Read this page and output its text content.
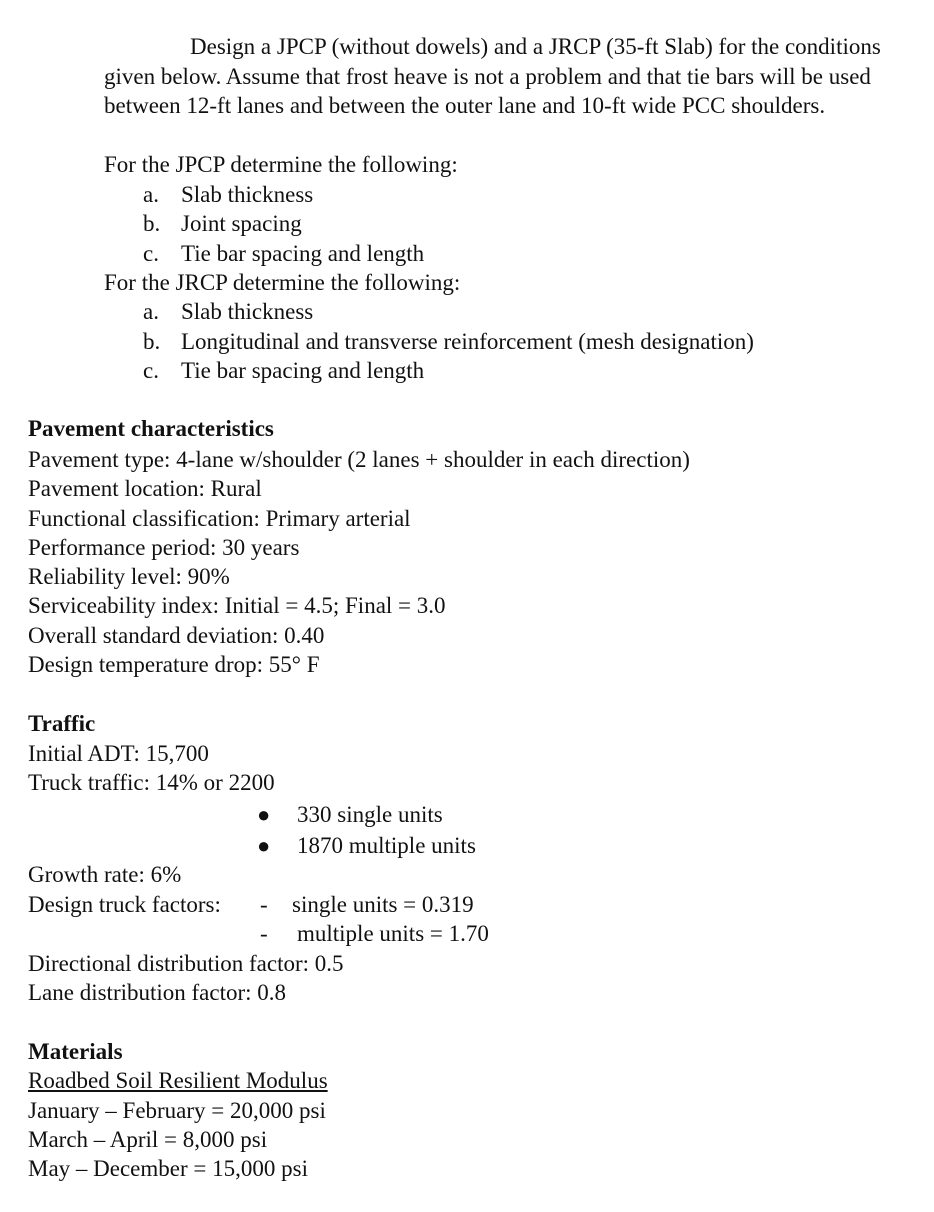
Design a JPCP (without dowels) and a JRCP (35-ft Slab) for the conditions given below. Assume that frost heave is not a problem and that tie bars will be used between 12-ft lanes and between the outer lane and 10-ft wide PCC shoulders.

For the JPCP determine the following:
a. Slab thickness
b. Joint spacing
c. Tie bar spacing and length
For the JRCP determine the following:
a. Slab thickness
b. Longitudinal and transverse reinforcement (mesh designation)
c. Tie bar spacing and length
Pavement characteristics
Pavement type: 4-lane w/shoulder (2 lanes + shoulder in each direction)
Pavement location: Rural
Functional classification: Primary arterial
Performance period: 30 years
Reliability level: 90%
Serviceability index: Initial = 4.5; Final = 3.0
Overall standard deviation: 0.40
Design temperature drop: 55° F
Traffic
Initial ADT: 15,700
Truck traffic: 14% or 2200
● 330 single units
● 1870 multiple units
Growth rate: 6%
Design truck factors: - single units = 0.319
- multiple units = 1.70
Directional distribution factor: 0.5
Lane distribution factor: 0.8
Materials
Roadbed Soil Resilient Modulus
January – February = 20,000 psi
March – April = 8,000 psi
May – December = 15,000 psi
